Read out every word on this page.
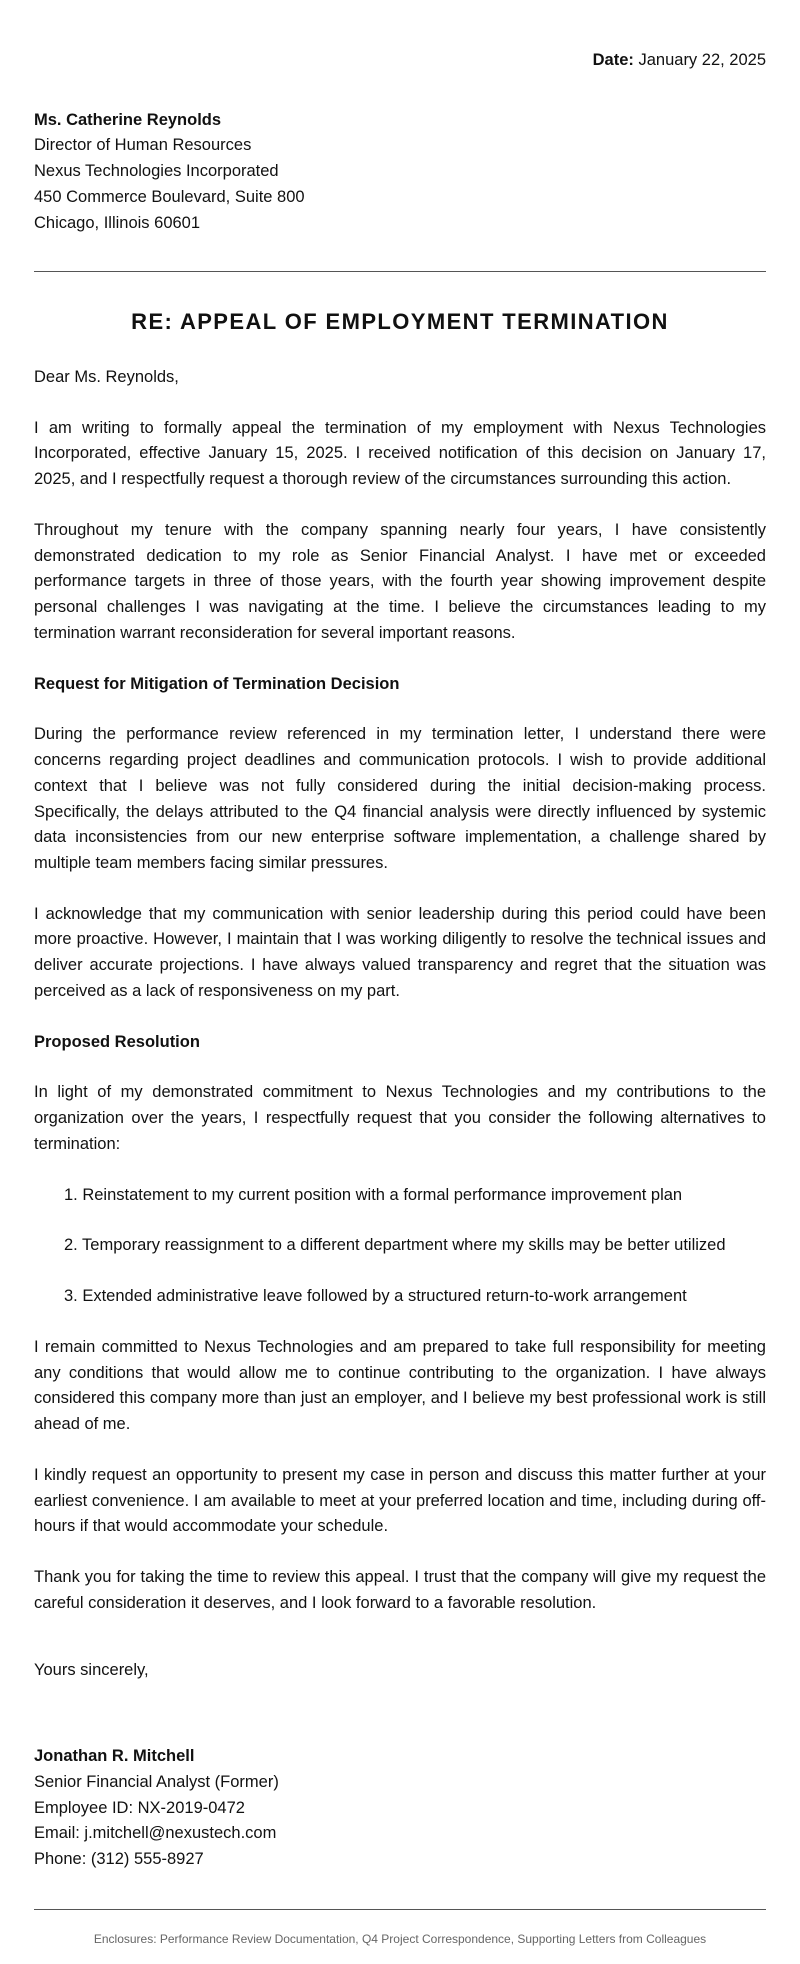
Date: January 22, 2025

Ms. Catherine Reynolds
Director of Human Resources
Nexus Technologies Incorporated
450 Commerce Boulevard, Suite 800
Chicago, Illinois 60601
RE: APPEAL OF EMPLOYMENT TERMINATION

Dear Ms. Reynolds,

I am writing to formally appeal the termination of my employment with Nexus Technologies Incorporated, effective January 15, 2025. I received notification of this decision on January 17, 2025, and I respectfully request a thorough review of the circumstances surrounding this action.

Throughout my tenure with the company spanning nearly four years, I have consistently demonstrated dedication to my role as Senior Financial Analyst. I have met or exceeded performance targets in three of those years, with the fourth year showing improvement despite personal challenges I was navigating at the time. I believe the circumstances leading to my termination warrant reconsideration for several important reasons.

Request for Mitigation of Termination Decision

During the performance review referenced in my termination letter, I understand there were concerns regarding project deadlines and communication protocols. I wish to provide additional context that I believe was not fully considered during the initial decision-making process. Specifically, the delays attributed to the Q4 financial analysis were directly influenced by systemic data inconsistencies from our new enterprise software implementation, a challenge shared by multiple team members facing similar pressures.

I acknowledge that my communication with senior leadership during this period could have been more proactive. However, I maintain that I was working diligently to resolve the technical issues and deliver accurate projections. I have always valued transparency and regret that the situation was perceived as a lack of responsiveness on my part.

Proposed Resolution

In light of my demonstrated commitment to Nexus Technologies and my contributions to the organization over the years, I respectfully request that you consider the following alternatives to termination:

1. Reinstatement to my current position with a formal performance improvement plan
2. Temporary reassignment to a different department where my skills may be better utilized
3. Extended administrative leave followed by a structured return-to-work arrangement

I remain committed to Nexus Technologies and am prepared to take full responsibility for meeting any conditions that would allow me to continue contributing to the organization. I have always considered this company more than just an employer, and I believe my best professional work is still ahead of me.

I kindly request an opportunity to present my case in person and discuss this matter further at your earliest convenience. I am available to meet at your preferred location and time, including during off-hours if that would accommodate your schedule.

Thank you for taking the time to review this appeal. I trust that the company will give my request the careful consideration it deserves, and I look forward to a favorable resolution.

Yours sincerely,

Jonathan R. Mitchell
Senior Financial Analyst (Former)
Employee ID: NX-2019-0472
Email: j.mitchell@nexustech.com
Phone: (312) 555-8927
Enclosures: Performance Review Documentation, Q4 Project Correspondence, Supporting Letters from Colleagues
